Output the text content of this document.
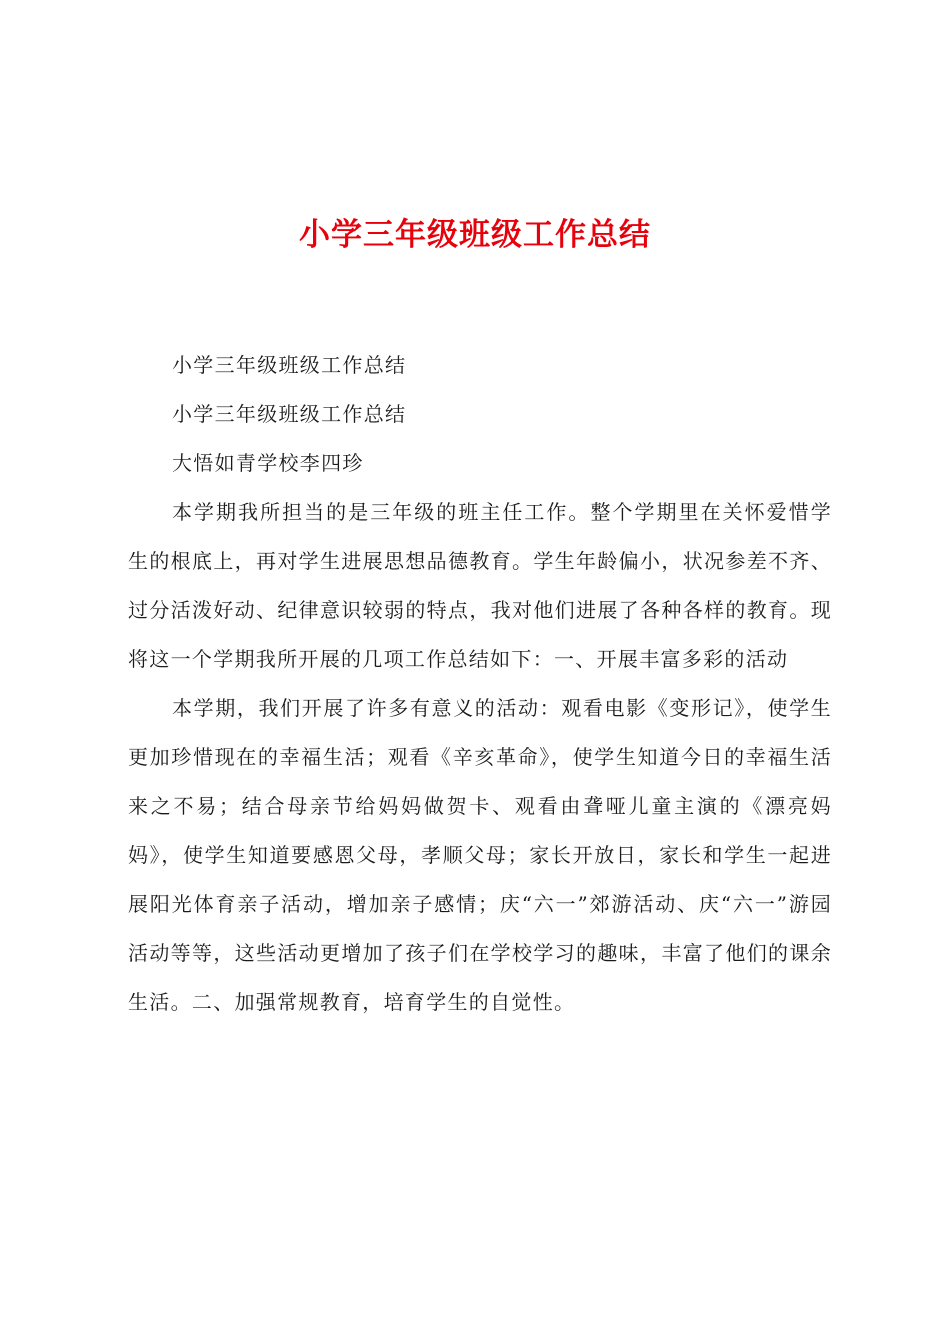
小学三年级班级工作总结

小学三年级班级工作总结

小学三年级班级工作总结

大悟如青学校李四珍

本学期我所担当的是三年级的班主任工作。整个学期里在关怀爱惜学生的根底上，再对学生进展思想品德教育。学生年龄偏小，状况参差不齐、过分活泼好动、纪律意识较弱的特点，我对他们进展了各种各样的教育。现将这一个学期我所开展的几项工作总结如下：一、开展丰富多彩的活动

本学期，我们开展了许多有意义的活动：观看电影《变形记》，使学生更加珍惜现在的幸福生活；观看《辛亥革命》，使学生知道今日的幸福生活来之不易；结合母亲节给妈妈做贺卡、观看由聋哑儿童主演的《漂亮妈妈》，使学生知道要感恩父母，孝顺父母；家长开放日，家长和学生一起进展阳光体育亲子活动，增加亲子感情；庆“六一”郊游活动、庆“六一”游园活动等等，这些活动更增加了孩子们在学校学习的趣味，丰富了他们的课余生活。二、加强常规教育，培育学生的自觉性。
